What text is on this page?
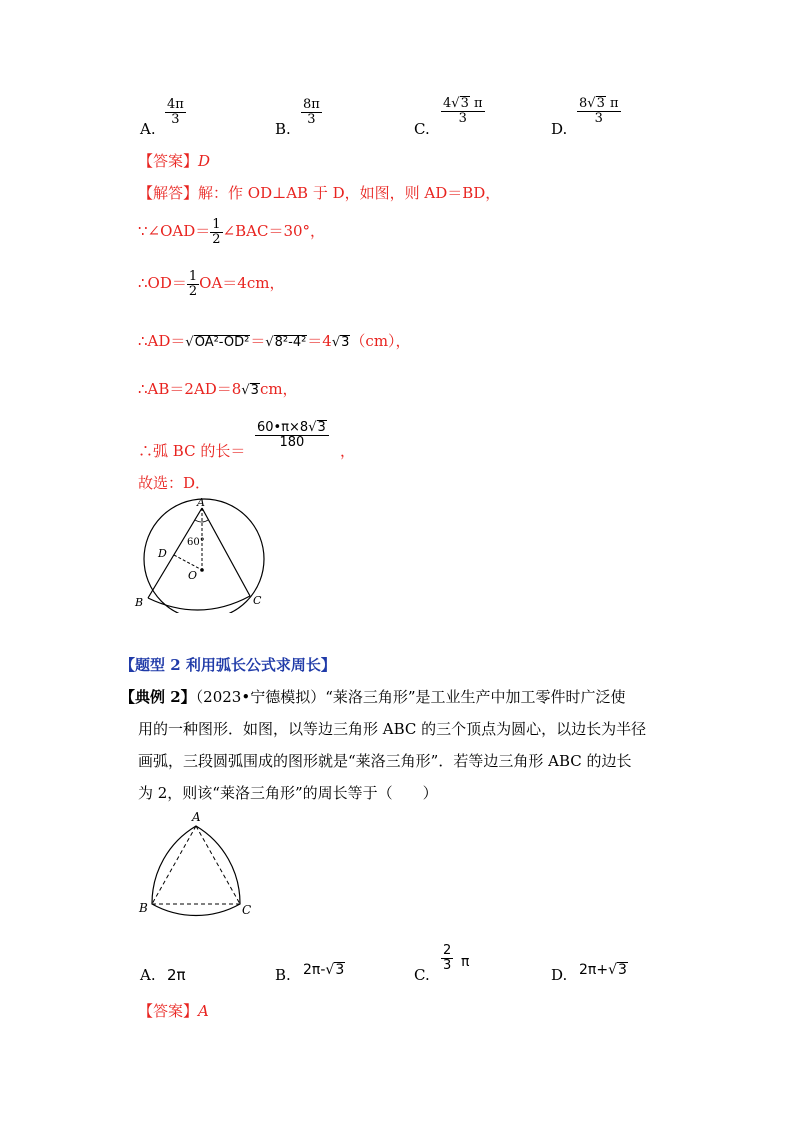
A.
$\frac{4\pi}{3}$
B.
$\frac{8\pi}{3}$
C.
$\frac{4√3 \pi}{3}$
D.
$\frac{8√3 \pi}{3}$
【答案】D
【解答】解：作 OD⊥AB 于 D，如图，则 AD＝BD，
∵∠OAD＝ $\frac{1}{2}$ ∠BAC＝30°，
∴OD＝ $\frac{1}{2} OA=4cm$，
∴AD＝√OA²-OD²＝√8²-4²＝4√3（cm），
∴AB＝2AD＝8√3cm，
∴弧 BC 的长＝
$\frac{60•\pi\times 8√3}{180}$
，
故选：D．
A
D
O
B	C
60°
【题型 2 利用弧长公式求周长】
【典例 2】（2023•宁德模拟）“莱洛三角形”是工业生产中加工零件时广泛使
用的一种图形．如图，以等边三角形 ABC 的三个顶点为圆心，以边长为半径
画弧，三段圆弧围成的图形就是“莱洛三角形”．若等边三角形 ABC 的边长
为 2，则该“莱洛三角形”的周长等于（　　）
A
B	C
A. 2π	B. 2π-√3	C.
$\frac{2}{3}$ π
D. 2π+√3
【答案】A
